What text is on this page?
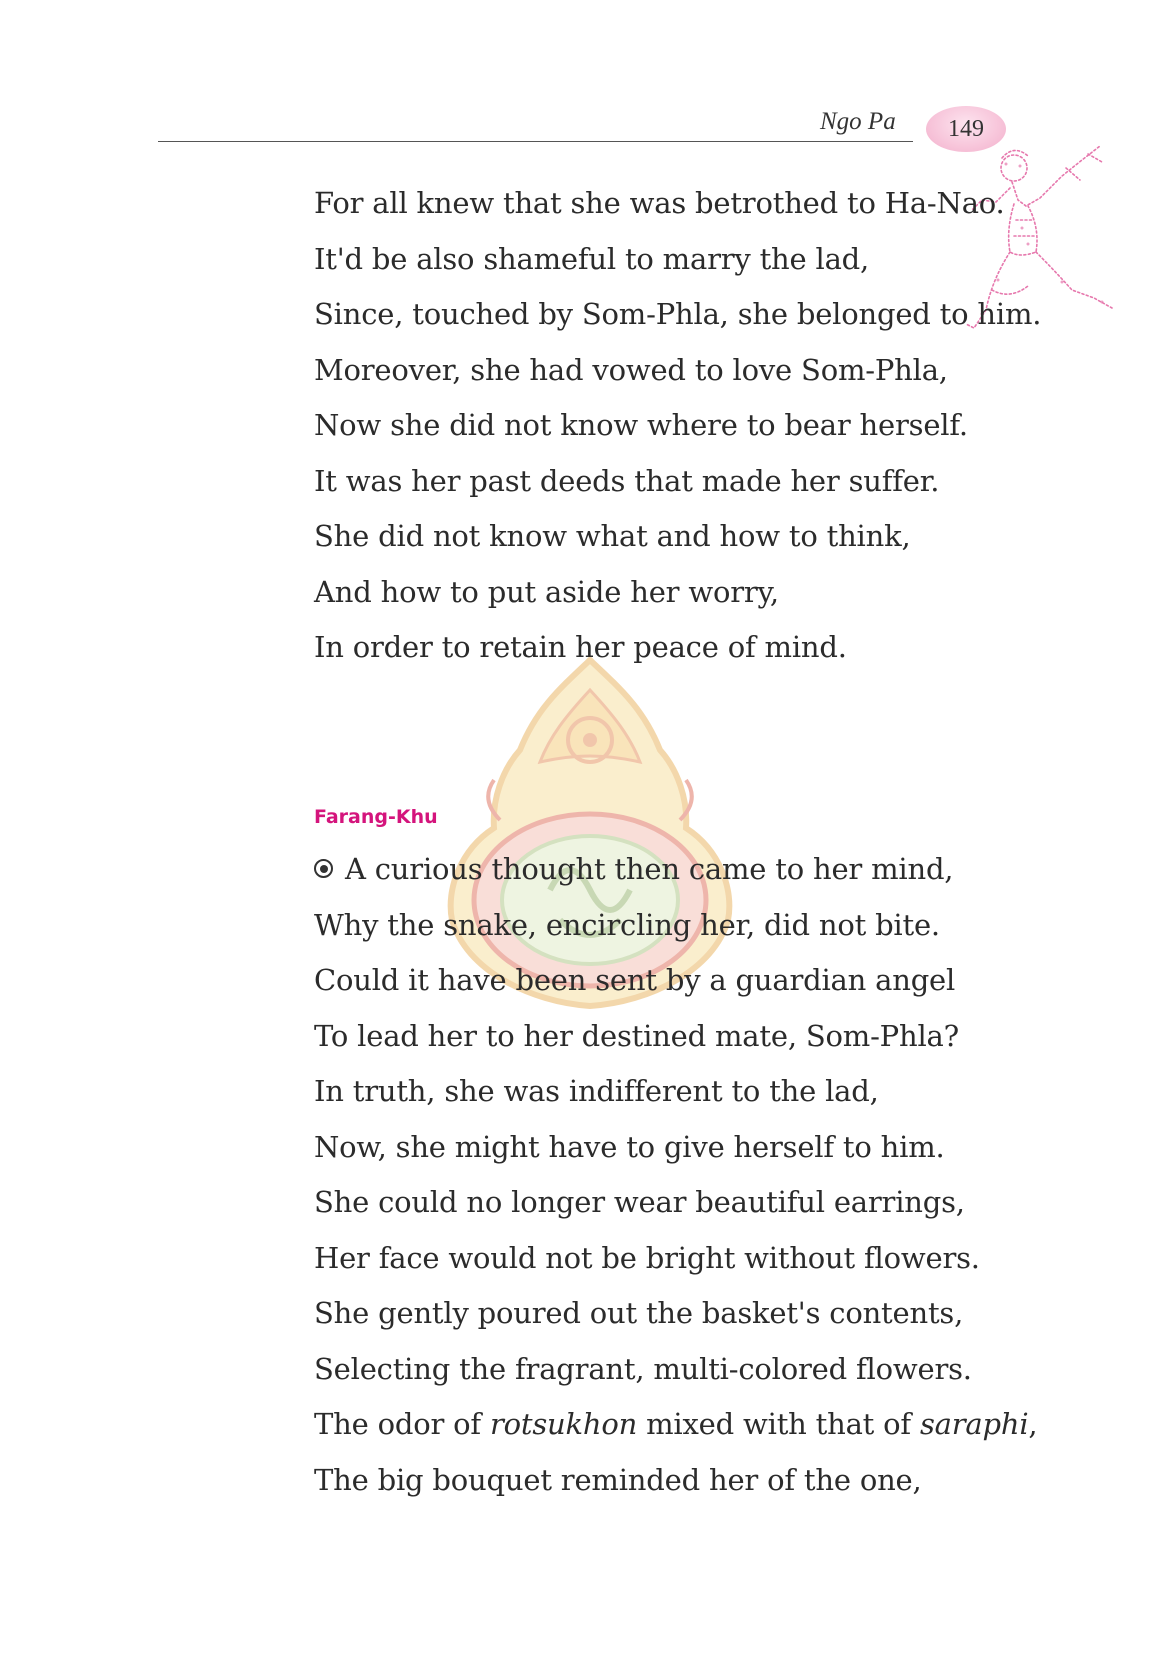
Ngo Pa 149
For all knew that she was betrothed to Ha-Nao.
It'd be also shameful to marry the lad,
Since, touched by Som-Phla, she belonged to him.
Moreover, she had vowed to love Som-Phla,
Now she did not know where to bear herself.
It was her past deeds that made her suffer.
She did not know what and how to think,
And how to put aside her worry,
In order to retain her peace of mind.
Farang-Khu
A curious thought then came to her mind,
Why the snake, encircling her, did not bite.
Could it have been sent by a guardian angel
To lead her to her destined mate, Som-Phla?
In truth, she was indifferent to the lad,
Now, she might have to give herself to him.
She could no longer wear beautiful earrings,
Her face would not be bright without flowers.
She gently poured out the basket's contents,
Selecting the fragrant, multi-colored flowers.
The odor of rotsukhon mixed with that of saraphi,
The big bouquet reminded her of the one,
